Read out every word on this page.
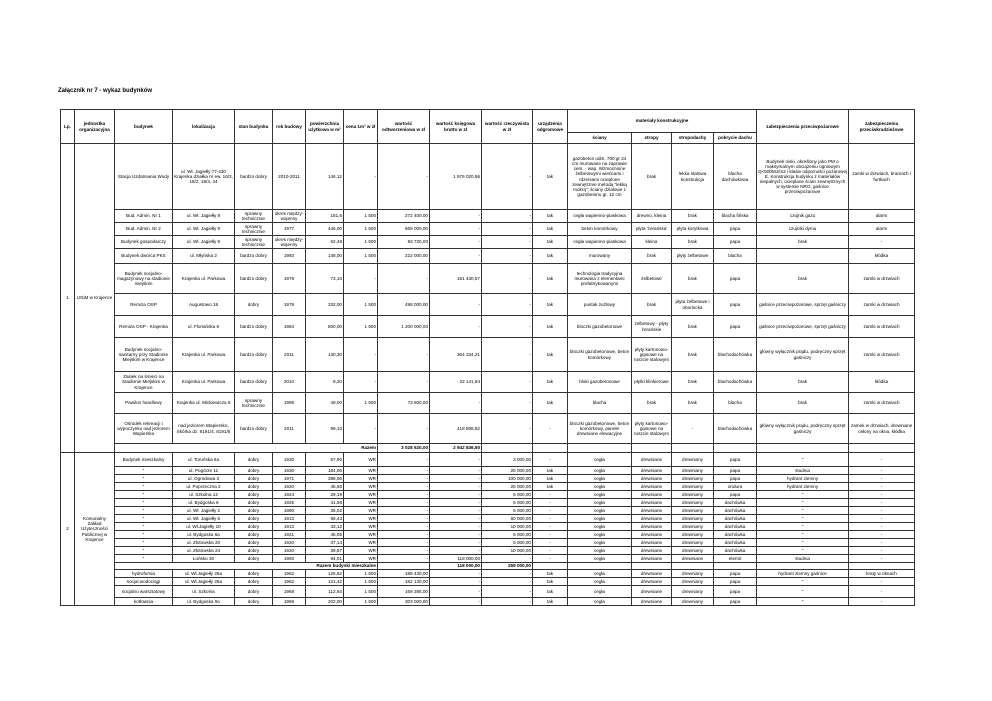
Załącznik nr 7 - wykaz budynków
Lp.	jednostka organizacyjna	budynek	lokalizacja	stan budynku	rok budowy	powierzchnia użytkowa w m²	cena 1m² w zł	wartość odtworzeniowa w zł	wartość księgowa brutto w zł	wartość rzeczywista w zł	urządzenia odgromowe	materiały konstrukcyjne				zabezpieczenia przeciwpożarowe	zabezpieczenia przeciwkradzieżowe
												ściany	stropy	stropodachy	pokrycie dachu		
1	UGiM w Krajence	Stacja Uzdatniania Wody	ul. Wł. Jagiełły 77-430 Krajenka działka nr ew. 16/3, 18/2, 18/3, 44	bardzo dobry	2010-2011	146,12	-	-	1 976 020,96	-	tak	gazobeton odm. 700 gr 24 cm murowane na zaprawie cem. - wap. Wzmocnione żelbetowymi wieńcami i rdzeniami ocieplone zewnętrznie metodą "lekką mokrą"; ściany działowe z gazobetonu gr. 12 cm	brak	lekka stalowa konstrukcja	blacha dachówkowa	Budynek niski, określony jako PM o maksymalnym obciążeniu ogniowym Q<500MJ/m2 i klasie odporności pożarowej E. Konstrukcja budynku z materiałów niepalnych, ocieplane ścian zewnętrznych w systemie NRO, gaśnice przeciwpożarowe	zamki w drzwiach, bramach i furtkach
		Bud. Admin. Nr 1	ul. Wł. Jagiełły 9	sprawny technicznie	okres między-wojenny	181,6	1 500	272 400,00	-	-	tak	cegła wapienno-piaskowa	drewno, kleina	brak	blacha fińska	czujnik gazu	alarm
		Bud. Admin. Nr 2	ul. Wł. Jagiełły 9	sprawny technicznie	1977	446,00	1 500	669 000,00	-	-	tak	beton komórkowy	płyta 'żerańska'	płyta korytkowa	papa	czujniki dymu	alarm
		Budynek gospodarczy	ul. Wł. Jagiełły 9	sprawny technicznie	okres między-wojenny	62,48	1 500	93 720,00	-	-	tak	cegła wapienno-piaskowa	kleina	brak	papa	brak	-
		Budynek dworca PKS	ul. Młyńska 2	bardzo dobry	1993	148,00	1 500	222 000,00	-	-	tak	murowany	brak	płyty żelbetowe	blacha		kłódka
		Budynek socjalno-magazynowy na stadionie miejskim	Krajenka ul. Parkowa	bardzo dobry	1978	73,10	-	-	161 430,57	-	tak	technologia tradycyjna murowana z elementami prefabrykowanymi	żelbetowe	brak	papa	brak	zamki w drzwiach
		Remiza OSP	Augustowo 18	dobry	1978	332,00	1 500	498 000,00	-	-	tak	pustak żużlowy	brak	płyta żelbetowe i obornicka	papa	gaśnice przeciwpożarowe, sprzęt gaśniczy	zamki w drzwiach
		Remiza OSP - Krajenka	ul. Floriańska 6	bardzo dobry	1984	800,00	1 500	1 200 000,00	-	-	tak	bloczki gazobetonowe	żelbetowy - płyty żerańskie	brak	papa	gaśnice przeciwpożarowe, sprzęt gaśniczy	zamki w drzwiach
		Budynek socjalno-sanitarny przy Stadionie Miejskim w Krajence	Krajenka ul. Parkowa	bardzo dobry	2011	130,30	-	-	364 334,21	-	tak	bloczki gazobetonowe, beton komórkowy	płyty kartonowo-gipsowe na ruszcie stalowym	brak	blachodachówka	główny wyłącznik prądu, podręczny sprzęt gaśniczy	zamki w drzwiach
		Zasiek na śmieci na Stadionie Miejskim w Krajence	Krajenka ul. Parkowa	bardzo dobry	2010	8,20	-	-	22 141,94	-	tak	bloki gazobetonowe	płytki klinkierowe	brak	blachodachówka	brak	kłódka
		Pawilon handlowy	Krajenka ul. Mickiewicza 5	sprawny technicznie	1995	49,00	1 500	73 500,00	-	-	tak	blacha	brak	brak	blacha	brak	zamki w drzwiach
		Ośrodek rekreacji i wypoczynku nad jeziorem Wapiersko	nad jeziorem Wapiersko, Skórka dz. 8191/4, 8191/5	bardzo dobry	2011	99,10	-	-	418 808,82	-	-	bloczki gazobetonowe, beton komórkowy, panele drewniane elewacyjne	płyty kartonowo-gipsowe na ruszcie stalowym	-	blachodachówka	główny wyłącznik prądu, podręczny sprzęt gaśniczy	zamek w drzwiach, drewniane osłony na okna, kłódka
		Razem						3 028 620,00	2 942 836,50								
2	Komunalny Zakład Użyteczności Publicznej w Krajence	Budynek mieszkalny	ul. Toruńska 6a	dobry	1930	57,90	WR	-	-	3 000,00	-	cegła	drewniane	drewniany	papa	"	-
		"	ul. Pogórze 11	dobry	1930	184,06	WR	-	-	25 000,00	tak	cegła	drewniane	drewniany	papa	studnia	-
		"	ul. Ogrodowa 3	dobry	1971	398,06	WR	-	-	100 000,00	tak	cegła	drewniane	drewniany	papa	hydrant ziemny	-
		"	ul. Poprzeczna 2	dobry	1920	45,65	WR	-	-	25 000,00	tak	cegła	drewniane	drewniany	ondura	hydrant ziemny	-
		"	ul. Szkolna 12	dobry	1924	29,19	WR	-	-	5 000,00	-	cegła	drewniane	drewniany	papa	"	-
		"	ul. Bydgoska 6	dobry	1925	41,56	WR	-	-	5 000,00	-	cegła	drewniane	drewniany	dachówka	"	-
		"	ul. Wł. Jagiełły 2	dobry	1890	36,02	WR	-	-	5 000,00	-	cegła	drewniane	drewniany	dachówka	"	-
		"	ul. Wł. Jagiełły 6	dobry	1913	96,43	WR	-	-	60 000,00	-	cegła	drewniane	drewniany	dachówka	"	-
		"	ul. Wł.Jagiełły 10	dobry	1913	33,12	WR	-	-	10 000,00	-	cegła	drewniane	drewniany	dachówka	"	-
		"	ul. Bydgoska 6a	dobry	1921	45,05	WR	-	-	5 000,00	-	cegła	drewniane	drewniany	dachówka	"	-
		"	ul. Złotowska 20	dobry	1920	37,14	WR	-	-	6 000,00	-	cegła	drewniane	drewniany	dachówka	"	-
		"	ul. Złotowska 24	dobry	1920	39,87	WR	-	-	10 000,00	-	cegła	drewniane	drewniany	dachówka	"	-
		"	Łońsko 30	dobry	1992	94,01	WR	-	118 000,00	-	-	cegła	drewniane	drewniane	eternit	studnia	-
		Razem budynki mieszkalne							118 000,00	259 000,00							
		hydrofornia	ul. Wł.Jagiełły 26a	dobry	1962	125,62	1 500	188 430,00	-	-	tak	cegła	drewniane	drewniany	papa	hydrant ziemny gaśnice	kraty w oknach
		socjal.wodociągi	ul. Wł.Jagiełły 26a	dobry	1962	121,42	1 500	182 130,00	-	-	tak	cegła	drewniane	drewniany	papa	"	-
		socjalno warsztatowy	ul. Szkolna	dobry	1968	112,93	1 500	169 395,00	-	-	tak	cegła	drewniane	drewniany	papa	"	-
		kotłownia	ul. Bydgoska 9a	dobry	1969	202,00	1 500	303 000,00	-	-	tak	cegła	drewniane	drewniany	papa	"	-
